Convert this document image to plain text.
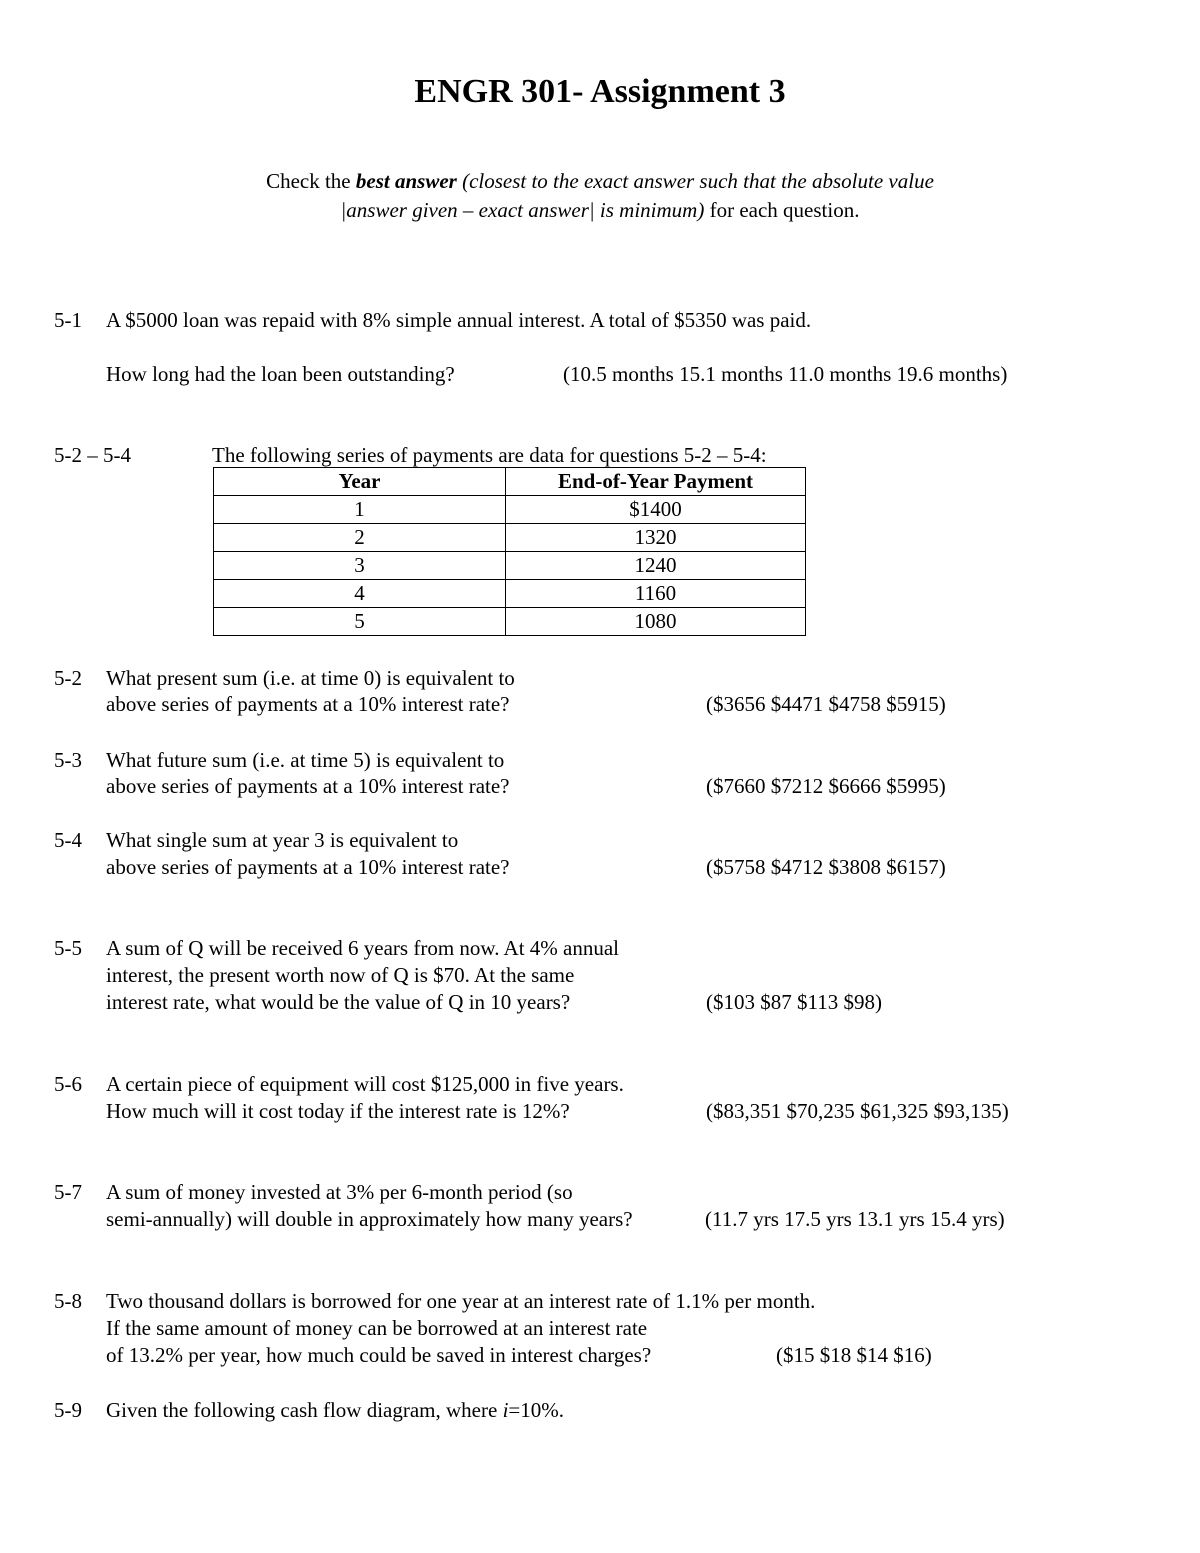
ENGR 301- Assignment 3
Check the best answer (closest to the exact answer such that the absolute value
|answer given – exact answer| is minimum) for each question.
5-1 A $5000 loan was repaid with 8% simple annual interest. A total of $5350 was paid.
How long had the loan been outstanding?	(10.5 months 15.1 months 11.0 months 19.6 months)
5-2 – 5-4	The following series of payments are data for questions 5-2 – 5-4:
Year	End-of-Year Payment
1	$1400
2	1320
3	1240
4	1160
5	1080
5-2 What present sum (i.e. at time 0) is equivalent to
above series of payments at a 10% interest rate?	($3656 $4471 $4758 $5915)
5-3 What future sum (i.e. at time 5) is equivalent to
above series of payments at a 10% interest rate?	($7660 $7212 $6666 $5995)
5-4 What single sum at year 3 is equivalent to
above series of payments at a 10% interest rate?	($5758 $4712 $3808 $6157)
5-5 A sum of Q will be received 6 years from now. At 4% annual
interest, the present worth now of Q is $70. At the same
interest rate, what would be the value of Q in 10 years?	($103 $87 $113 $98)
5-6 A certain piece of equipment will cost $125,000 in five years.
How much will it cost today if the interest rate is 12%?	($83,351 $70,235 $61,325 $93,135)
5-7 A sum of money invested at 3% per 6-month period (so
semi-annually) will double in approximately how many years?	(11.7 yrs 17.5 yrs 13.1 yrs 15.4 yrs)
5-8 Two thousand dollars is borrowed for one year at an interest rate of 1.1% per month.
If the same amount of money can be borrowed at an interest rate
of 13.2% per year, how much could be saved in interest charges?	($15 $18 $14 $16)
5-9 Given the following cash flow diagram, where i=10%.
